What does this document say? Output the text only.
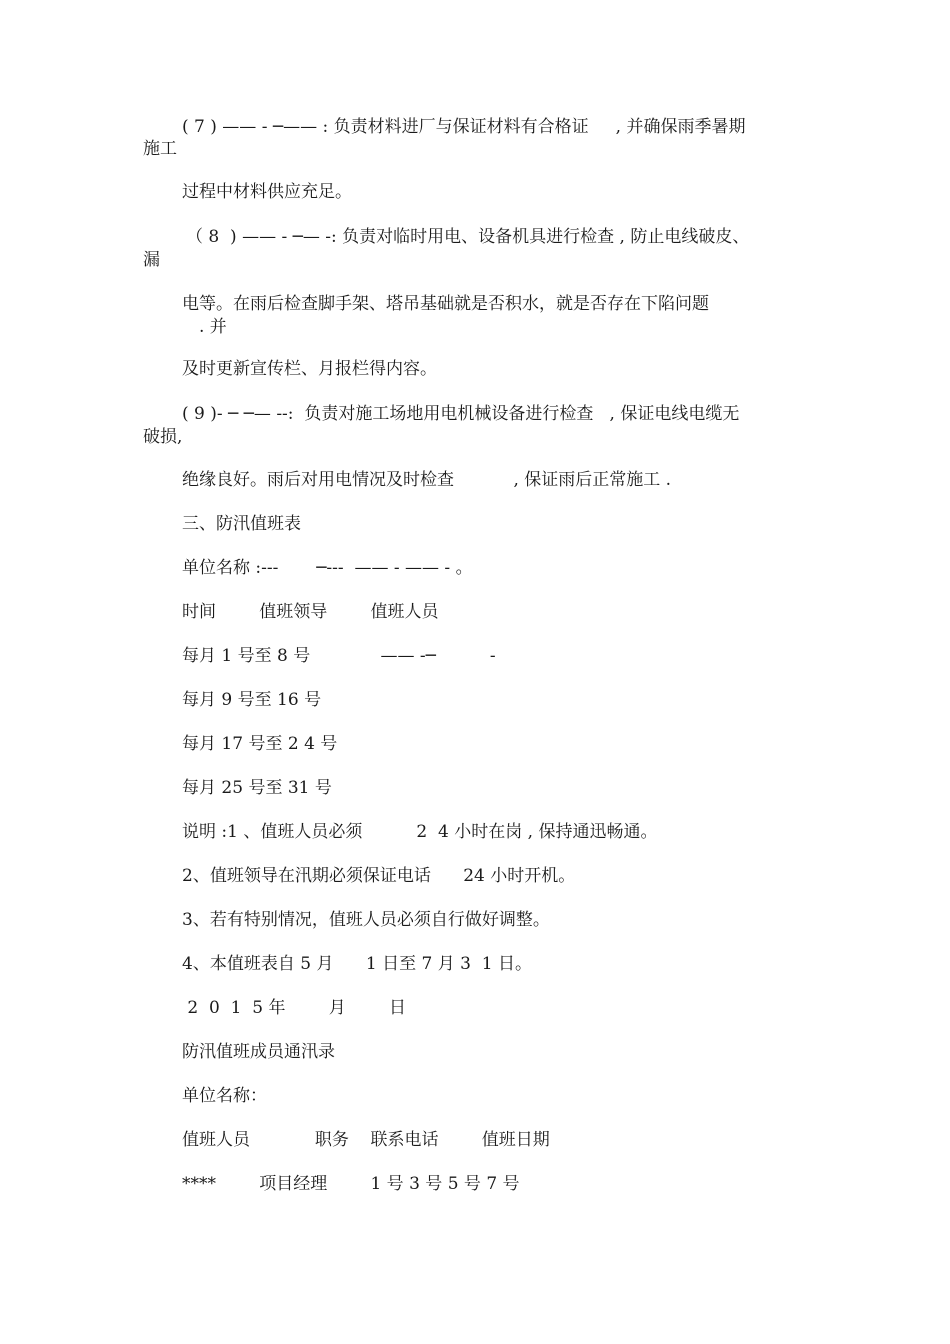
( 7 ) —— - ─—— : 负责材料进厂与保证材料有合格证     , 并确保雨季暑期
施工
过程中材料供应充足。
（ 8  ) —— - ─— -: 负责对临时用电、设备机具进行检查 , 防止电线破皮、
漏
电等。在雨后检查脚手架、塔吊基础就是否积水，就是否存在下陷问题
. 并
及时更新宣传栏、月报栏得内容。
( 9 )- ─ ─— --:  负责对施工场地用电机械设备进行检查   , 保证电线电缆无
破损,
绝缘良好。雨后对用电情况及时检查           , 保证雨后正常施工 .
三、防汛值班表
单位名称 :---       ─---  —— - —— - 。
时间        值班领导        值班人员
每月 1 号至 8 号             —— -─          -
每月 9 号至 16 号
每月 17 号至 2 4 号
每月 25 号至 31 号
说明 :1 、值班人员必须          2  4 小时在岗 , 保持通迅畅通。
2、值班领导在汛期必须保证电话      24 小时开机。
3、若有特别情况，值班人员必须自行做好调整。
4、本值班表自 5 月      1 日至 7 月 3  1 日。
2  0  1  5 年        月        日
防汛值班成员通汛录
单位名称：
值班人员            职务    联系电话        值班日期
****        项目经理        1 号 3 号 5 号 7 号
